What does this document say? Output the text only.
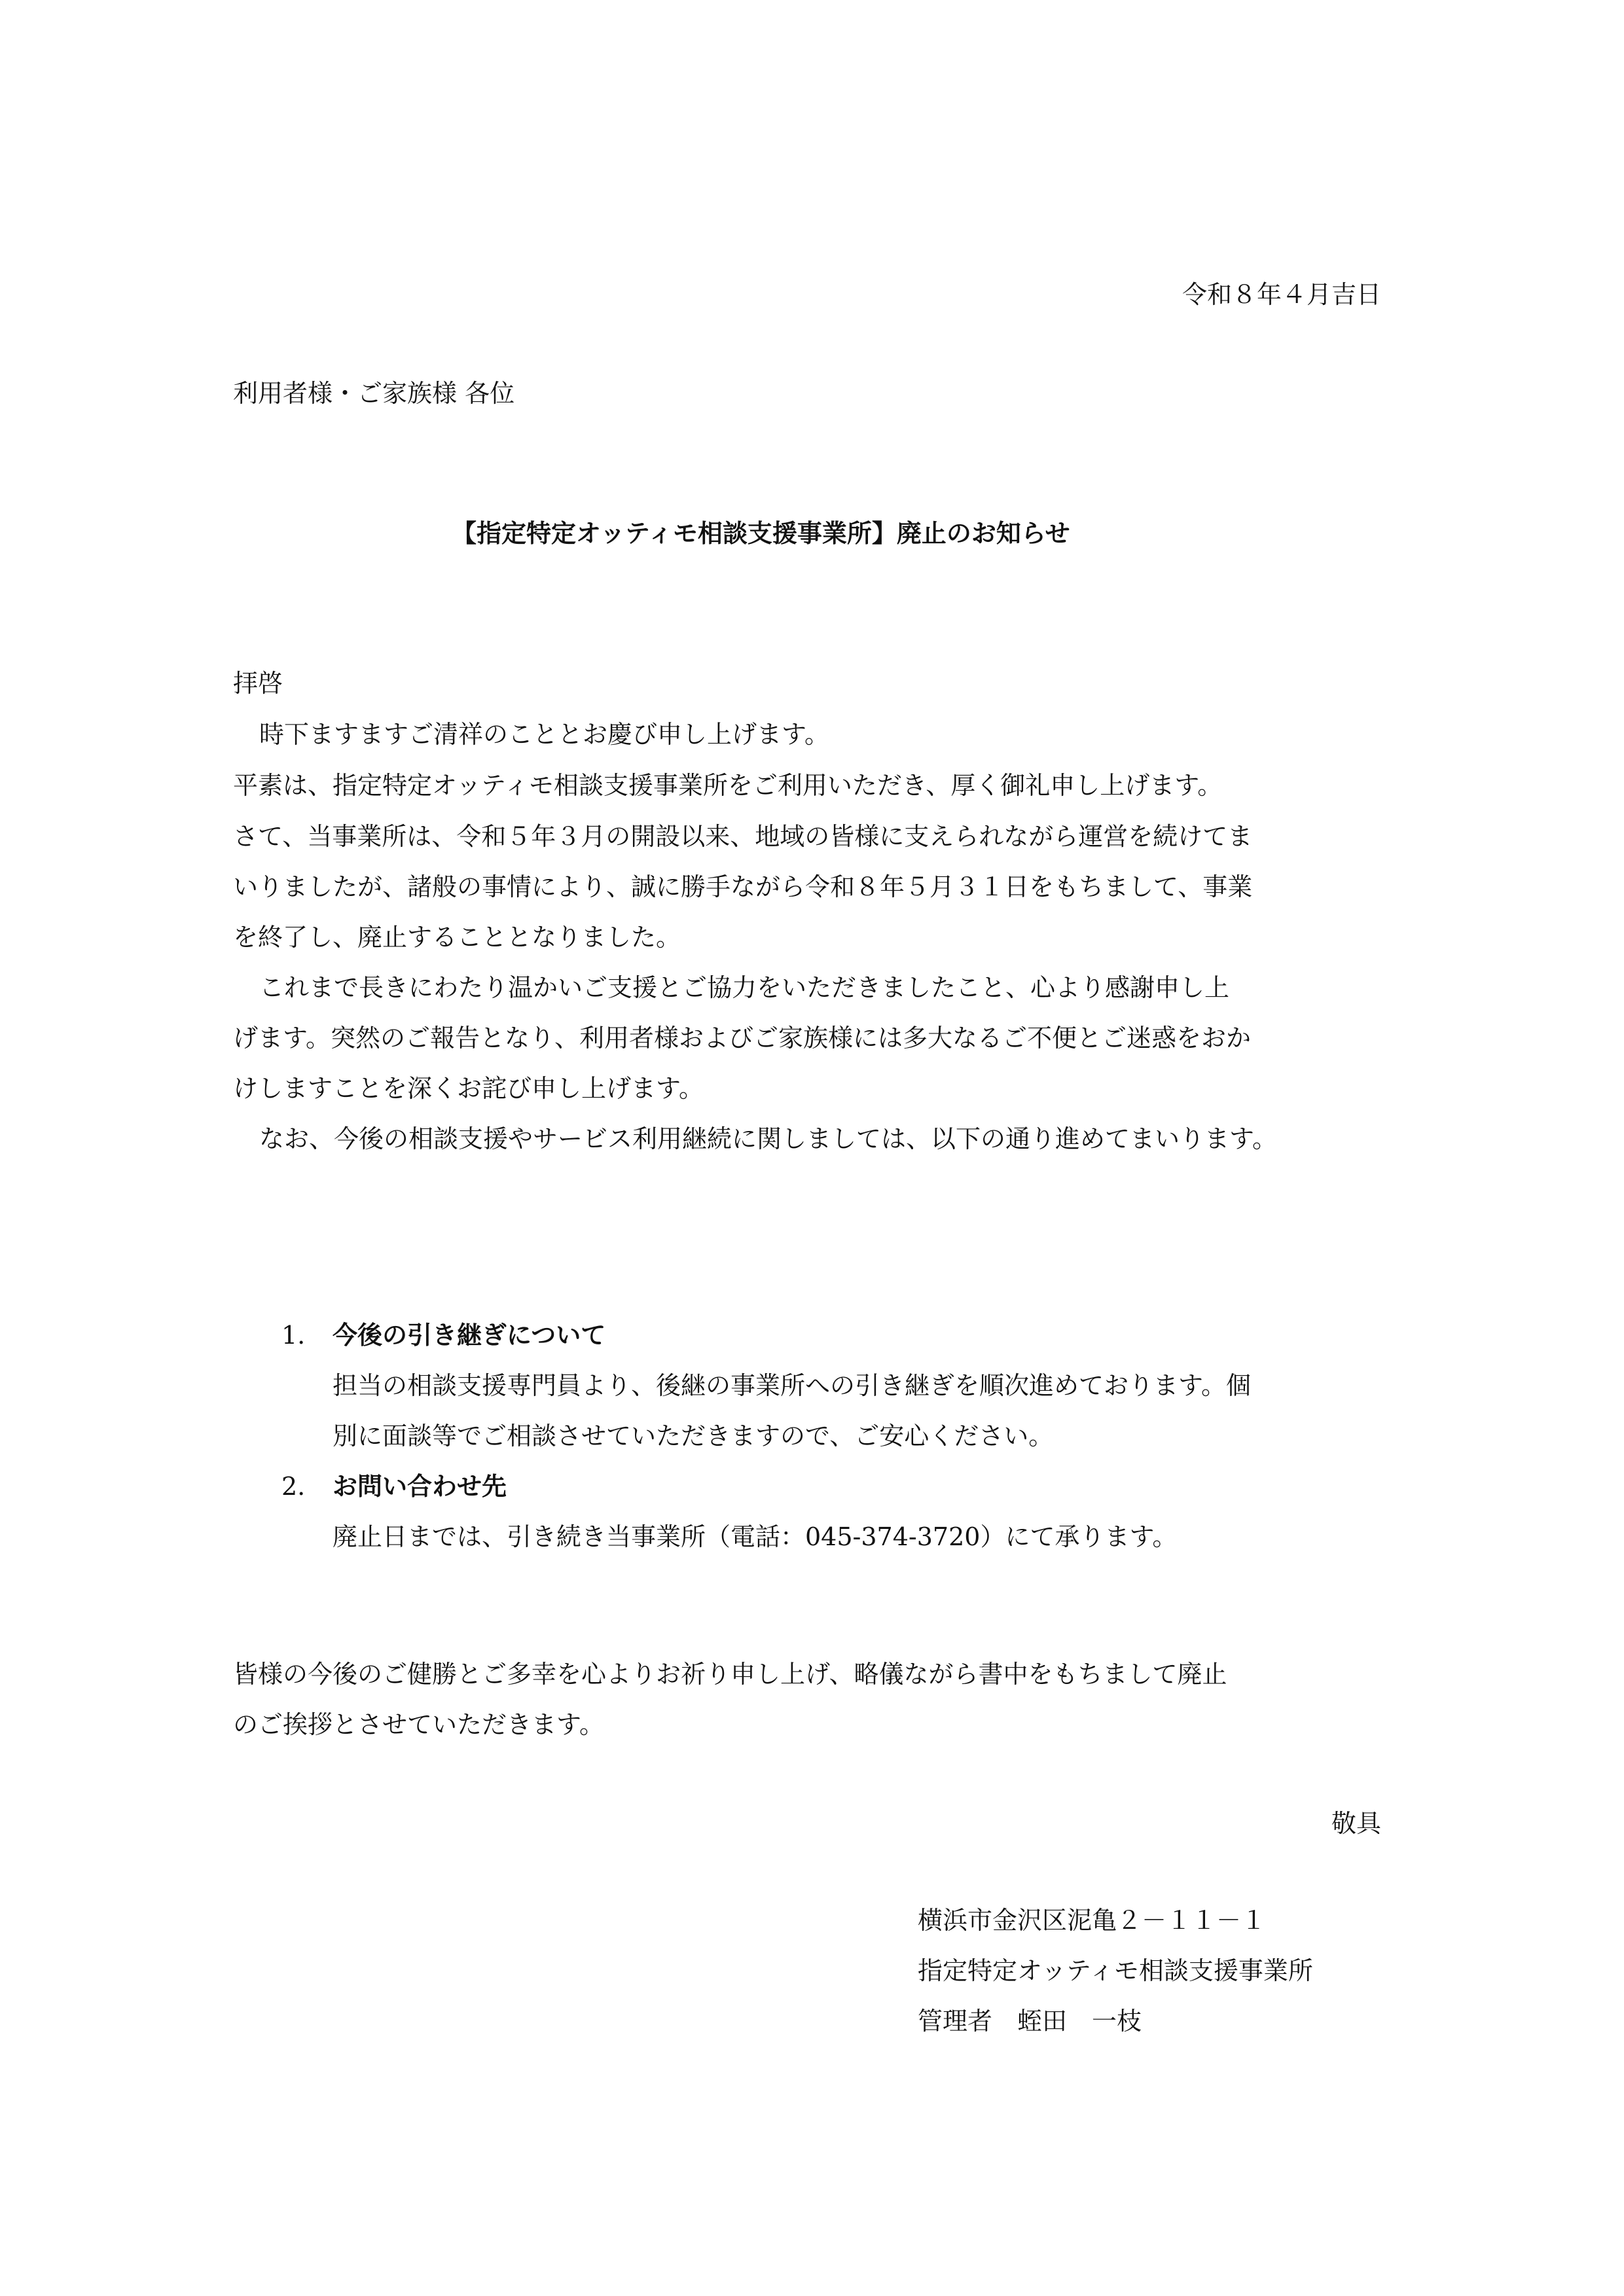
令和８年４月吉日
利用者様・ご家族様 各位
【指定特定オッティモ相談支援事業所】廃止のお知らせ
拝啓
時下ますますご清祥のこととお慶び申し上げます。
平素は、指定特定オッティモ相談支援事業所をご利用いただき、厚く御礼申し上げます。
さて、当事業所は、令和５年３月の開設以来、地域の皆様に支えられながら運営を続けてま
いりましたが、諸般の事情により、誠に勝手ながら令和８年５月３１日をもちまして、事業
を終了し、廃止することとなりました。
これまで長きにわたり温かいご支援とご協力をいただきましたこと、心より感謝申し上
げます。突然のご報告となり、利用者様およびご家族様には多大なるご不便とご迷惑をおか
けしますことを深くお詫び申し上げます。
なお、今後の相談支援やサービス利用継続に関しましては、以下の通り進めてまいります。
1. 今後の引き継ぎについて
担当の相談支援専門員より、後継の事業所への引き継ぎを順次進めております。個
別に面談等でご相談させていただきますので、ご安心ください。
2. お問い合わせ先
廃止日までは、引き続き当事業所（電話：045-374-3720）にて承ります。
皆様の今後のご健勝とご多幸を心よりお祈り申し上げ、略儀ながら書中をもちまして廃止
のご挨拶とさせていただきます。
敬具
横浜市金沢区泥亀２－１１－１
指定特定オッティモ相談支援事業所
管理者　蛭田　一枝
